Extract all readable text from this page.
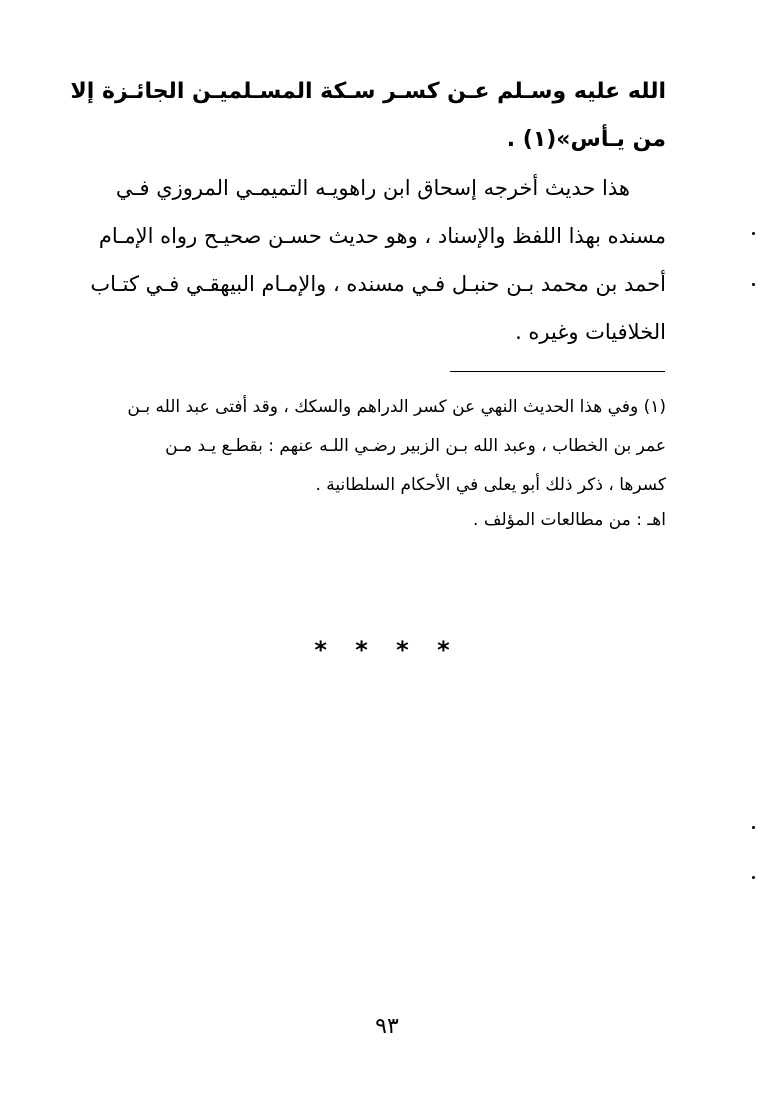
الله عليه وسـلم عـن كسـر سـكة المسـلميـن الجائـزة إلا
من يـأس»(١) .
هذا حديث أخرجه إسحاق ابن راهويـه التميمـي المروزي فـي
مسنده بهذا اللفظ والإسناد ، وهو حديث حسـن صحيـح رواه الإمـام
أحمد بن محمد بـن حنبـل فـي مسنده ، والإمـام البيهقـي فـي كتـاب
الخلافيات وغيره .
(١) وفي هذا الحديث النهي عن كسر الدراهم والسكك ، وقد أفتى عبد الله بـن
عمر بن الخطاب ، وعبد الله بـن الزبير رضـي اللـه عنهم : بقطـع يـد مـن
كسرها ، ذكر ذلك أبو يعلى في الأحكام السلطانية .
اهـ : من مطالعات المؤلف .
* * * *
٩٣
